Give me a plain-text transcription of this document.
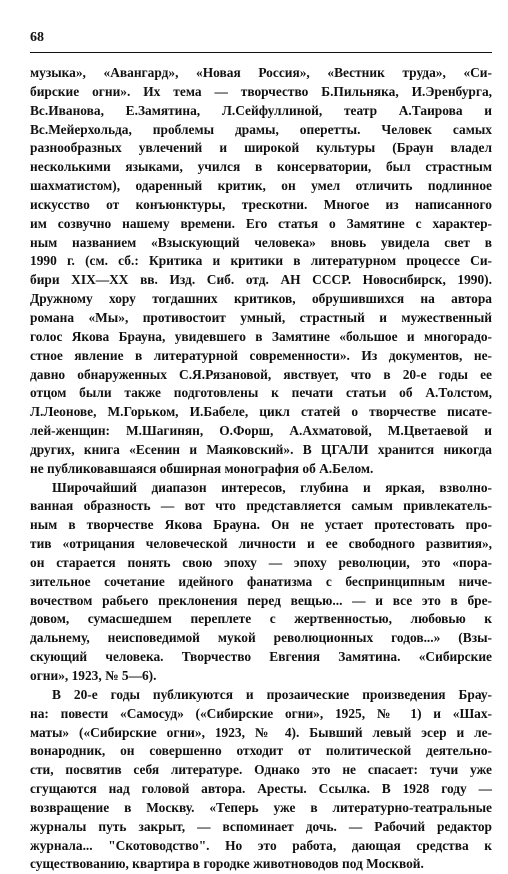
68
музыка», «Авангард», «Новая Россия», «Вестник труда», «Си-
бирские огни». Их тема — творчество Б.Пильняка, И.Эренбурга,
Вс.Иванова, Е.Замятина, Л.Сейфуллиной, театр А.Таирова и
Вс.Мейерхольда, проблемы драмы, оперетты. Человек самых
разнообразных увлечений и широкой культуры (Браун владел
несколькими языками, учился в консерватории, был страстным
шахматистом), одаренный критик, он умел отличить подлинное
искусство от конъюнктуры, трескотни. Многое из написанного
им созвучно нашему времени. Его статья о Замятине с характер-
ным названием «Взыскующий человека» вновь увидела свет в
1990 г. (см. сб.: Критика и критики в литературном процессе Си-
бири XIX—XX вв. Изд. Сиб. отд. АН СССР. Новосибирск, 1990).
Дружному хору тогдашних критиков, обрушившихся на автора
романа «Мы», противостоит умный, страстный и мужественный
голос Якова Брауна, увидевшего в Замятине «большое и многорадо-
стное явление в литературной современности». Из документов, не-
давно обнаруженных С.Я.Рязановой, явствует, что в 20-е годы ее
отцом были также подготовлены к печати статьи об А.Толстом,
Л.Леонове, М.Горьком, И.Бабеле, цикл статей о творчестве писате-
лей-женщин: М.Шагинян, О.Форш, А.Ахматовой, М.Цветаевой и
других, книга «Есенин и Маяковский». В ЦГАЛИ хранится никогда
не публиковавшаяся обширная монография об А.Белом.
Широчайший диапазон интересов, глубина и яркая, взволно-
ванная образность — вот что представляется самым привлекатель-
ным в творчестве Якова Брауна. Он не устает протестовать про-
тив «отрицания человеческой личности и ее свободного развития»,
он старается понять свою эпоху — эпоху революции, это «пора-
зительное сочетание идейного фанатизма с беспринципным ниче-
вочеством рабьего преклонения перед вещью... — и все это в бре-
довом, сумасшедшем переплете с жертвенностью, любовью к
дальнему, неисповедимой мукой революционных годов...» (Взы-
скующий человека. Творчество Евгения Замятина. «Сибирские
огни», 1923, № 5—6).
В 20-е годы публикуются и прозаические произведения Брау-
на: повести «Самосуд» («Сибирские огни», 1925, № 1) и «Шах-
маты» («Сибирские огни», 1923, № 4). Бывший левый эсер и ле-
вонародник, он совершенно отходит от политической деятельно-
сти, посвятив себя литературе. Однако это не спасает: тучи уже
сгущаются над головой автора. Аресты. Ссылка. В 1928 году —
возвращение в Москву. «Теперь уже в литературно-театральные
журналы путь закрыт, — вспоминает дочь. — Рабочий редактор
журнала... "Скотоводство". Но это работа, дающая средства к
существованию, квартира в городке животноводов под Москвой.
